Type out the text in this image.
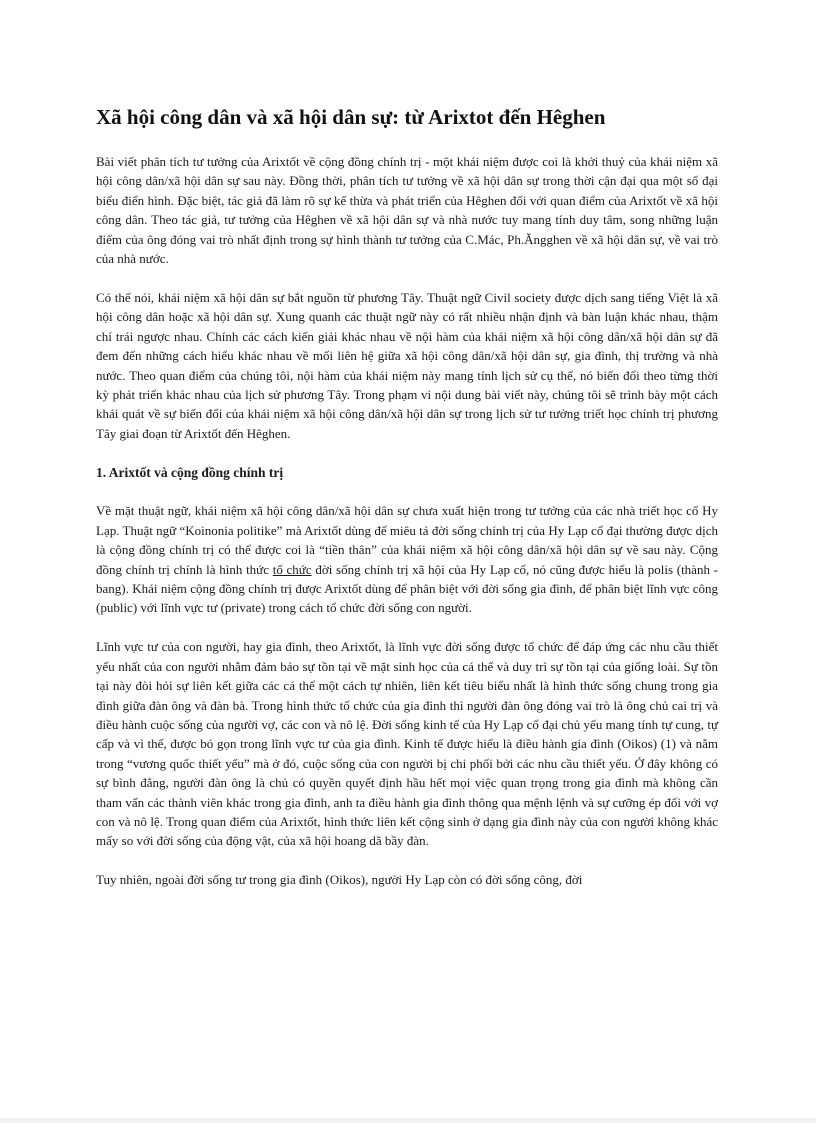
Xã hội công dân và xã hội dân sự: từ Arixtot đến Hêghen

Bài viết phân tích tư tưởng của Arixtốt về cộng đồng chính trị - một khái niệm được coi là khởi thuỷ của khái niệm xã hội công dân/xã hội dân sự sau này. Đồng thời, phân tích tư tưởng về xã hội dân sự trong thời cận đại qua một số đại biểu điển hình. Đặc biệt, tác giả đã làm rõ sự kế thừa và phát triển của Hêghen đối với quan điểm của Arixtốt về xã hội công dân. Theo tác giả, tư tưởng của Hêghen về xã hội dân sự và nhà nước tuy mang tính duy tâm, song những luận điểm của ông đóng vai trò nhất định trong sự hình thành tư tưởng của C.Mác, Ph.Ăngghen về xã hội dân sự, về vai trò của nhà nước.

Có thể nói, khái niệm xã hội dân sự bắt nguồn từ phương Tây. Thuật ngữ Civil society được dịch sang tiếng Việt là xã hội công dân hoặc xã hội dân sự. Xung quanh các thuật ngữ này có rất nhiều nhận định và bàn luận khác nhau, thậm chí trái ngược nhau. Chính các cách kiến giải khác nhau về nội hàm của khái niệm xã hội công dân/xã hội dân sự đã đem đến những cách hiểu khác nhau về mối liên hệ giữa xã hội công dân/xã hội dân sự, gia đình, thị trường và nhà nước. Theo quan điểm của chúng tôi, nội hàm của khái niệm này mang tính lịch sử cụ thể, nó biến đổi theo từng thời kỳ phát triển khác nhau của lịch sử phương Tây. Trong phạm vi nội dung bài viết này, chúng tôi sẽ trình bày một cách khái quát về sự biến đổi của khái niệm xã hội công dân/xã hội dân sự trong lịch sử tư tưởng triết học chính trị phương Tây giai đoạn từ Arixtốt đến Hêghen.

1. Arixtốt và cộng đồng chính trị

Về mặt thuật ngữ, khái niệm xã hội công dân/xã hội dân sự chưa xuất hiện trong tư tưởng của các nhà triết học cổ Hy Lạp. Thuật ngữ “Koinonia politike” mà Arixtốt dùng để miêu tả đời sống chính trị của Hy Lạp cổ đại thường được dịch là cộng đồng chính trị có thể được coi là “tiền thân” của khái niệm xã hội công dân/xã hội dân sự về sau này. Cộng đồng chính trị chính là hình thức tổ chức đời sống chính trị xã hội của Hy Lạp cổ, nó cũng được hiểu là polis (thành - bang). Khái niệm cộng đồng chính trị được Arixtốt dùng để phân biệt với đời sống gia đình, để phân biệt lĩnh vực công (public) với lĩnh vực tư (private) trong cách tổ chức đời sống con người.

Lĩnh vực tư của con người, hay gia đình, theo Arixtốt, là lĩnh vực đời sống được tổ chức để đáp ứng các nhu cầu thiết yếu nhất của con người nhằm đảm bảo sự tồn tại về mặt sinh học của cá thể và duy trì sự tồn tại của giống loài. Sự tồn tại này đòi hỏi sự liên kết giữa các cá thể một cách tự nhiên, liên kết tiêu biểu nhất là hình thức sống chung trong gia đình giữa đàn ông và đàn bà. Trong hình thức tổ chức của gia đình thì người đàn ông đóng vai trò là ông chủ cai trị và điều hành cuộc sống của người vợ, các con và nô lệ. Đời sống kinh tế của Hy Lạp cổ đại chủ yếu mang tính tự cung, tự cấp và vì thế, được bó gọn trong lĩnh vực tư của gia đình. Kinh tế được hiểu là điều hành gia đình (Oikos) (1) và nằm trong “vương quốc thiết yếu” mà ở đó, cuộc sống của con người bị chi phối bởi các nhu cầu thiết yếu. Ở đây không có sự bình đẳng, người đàn ông là chủ có quyền quyết định hầu hết mọi việc quan trọng trong gia đình mà không cần tham vấn các thành viên khác trong gia đình, anh ta điều hành gia đình thông qua mệnh lệnh và sự cưỡng ép đối với vợ con và nô lệ. Trong quan điểm của Arixtốt, hình thức liên kết cộng sinh ở dạng gia đình này của con người không khác mấy so với đời sống của động vật, của xã hội hoang dã bầy đàn.

Tuy nhiên, ngoài đời sống tư trong gia đình (Oikos), người Hy Lạp còn có đời sống công, đời
